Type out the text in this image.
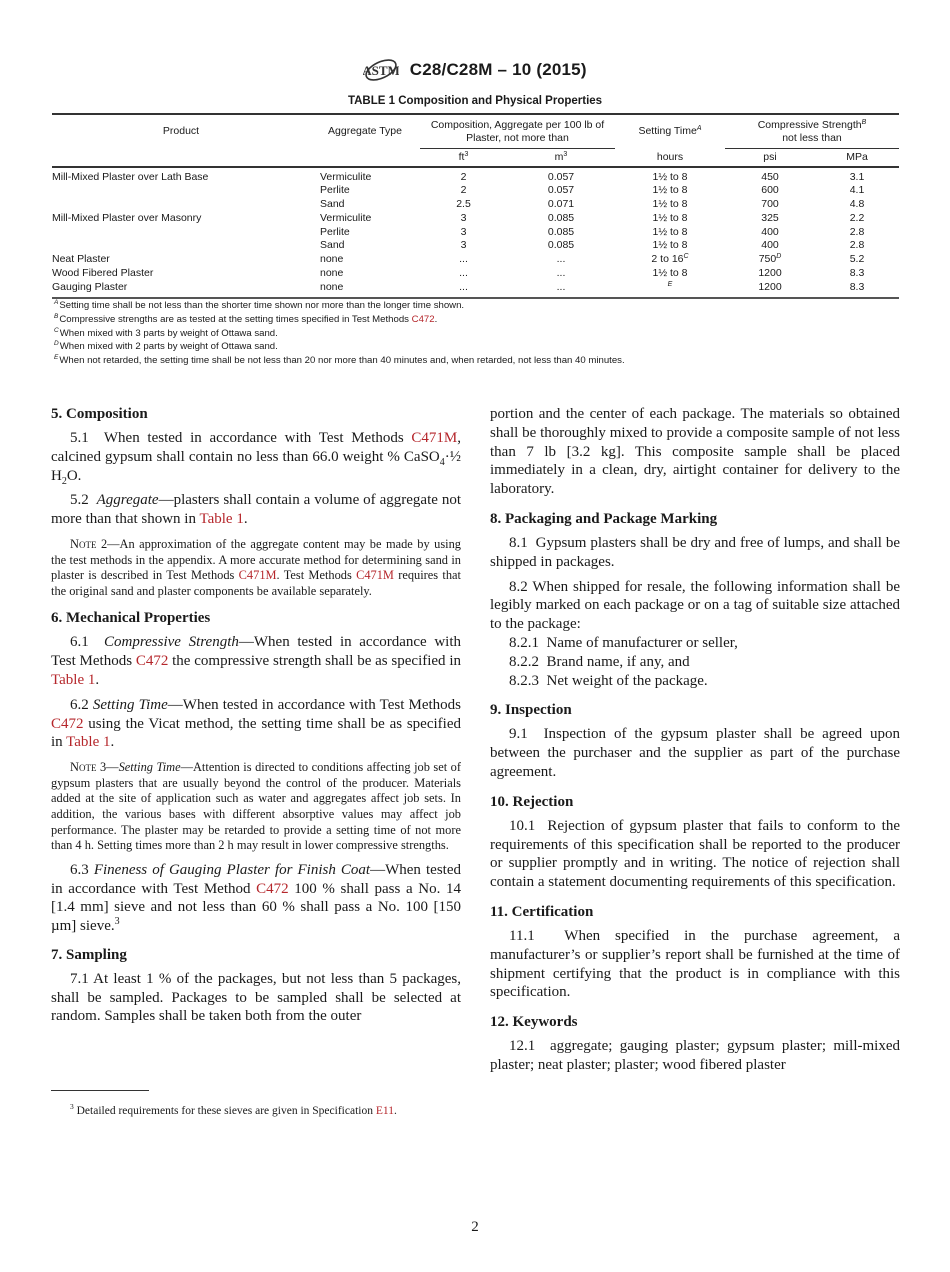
ASTM C28/C28M – 10 (2015)
TABLE 1 Composition and Physical Properties
Product	Aggregate Type	Composition, Aggregate per 100 lb of Plaster, not more than		Setting Time$^A$	Compressive Strength$^B$
not less than	

		$ft^3$	$m^3$	hours	psi	MPa
Mill-Mixed Plaster over Lath Base	Vermiculite	2	0.057	1½ to 8	450	3.1
	Perlite	2	0.057	1½ to 8	600	4.1
	Sand	2.5	0.071	1½ to 8	700	4.8
Mill-Mixed Plaster over Masonry	Vermiculite	3	0.085	1½ to 8	325	2.2
	Perlite	3	0.085	1½ to 8	400	2.8
	Sand	3	0.085	1½ to 8	400	2.8
Neat Plaster	none	...	...	2 to $16^C$	$750^D$	5.2
Wood Fibered Plaster	none	...	...	1½ to 8	1200	8.3
Gauging Plaster	none	...	...	$^E$	1200	8.3
$^A$Setting time shall be not less than the shorter time shown nor more than the longer time shown.
$^B$Compressive strengths are as tested at the setting times specified in Test Methods C472.
$^C$When mixed with 3 parts by weight of Ottawa sand.
$^D$When mixed with 2 parts by weight of Ottawa sand.
$^E$When not retarded, the setting time shall be not less than 20 nor more than 40 minutes and, when retarded, not less than 40 minutes.
5. Composition

5.1 When tested in accordance with Test Methods C471M, calcined gypsum shall contain no less than 66.0 weight % CaSO$_4$·½ $H_2O$.

5.2 Aggregate—plasters shall contain a volume of aggregate not more than that shown in Table 1.

Note 2—An approximation of the aggregate content may be made by using the test methods in the appendix. A more accurate method for determining sand in plaster is described in Test Methods C471M. Test Methods C471M requires that the original sand and plaster components be available separately.

6. Mechanical Properties

6.1 Compressive Strength—When tested in accordance with Test Methods C472 the compressive strength shall be as specified in Table 1.

6.2 Setting Time—When tested in accordance with Test Methods C472 using the Vicat method, the setting time shall be as specified in Table 1.

Note 3—Setting Time—Attention is directed to conditions affecting job set of gypsum plasters that are usually beyond the control of the producer. Materials added at the site of application such as water and aggregates affect job sets. In addition, the various bases with different absorptive values may affect job performance. The plaster may be retarded to provide a setting time of not more than 4 h. Setting times more than 2 h may result in lower compressive strengths.

6.3 Fineness of Gauging Plaster for Finish Coat—When tested in accordance with Test Method C472 100 % shall pass a No. 14 [1.4 mm] sieve and not less than 60 % shall pass a No. 100 [150 µm] sieve.$^3$

7. Sampling

7.1 At least 1 % of the packages, but not less than 5 packages, shall be sampled. Packages to be sampled shall be selected at random. Samples shall be taken both from the outer

$^3$ Detailed requirements for these sieves are given in Specification E11.

portion and the center of each package. The materials so obtained shall be thoroughly mixed to provide a composite sample of not less than 7 lb [3.2 kg]. This composite sample shall be placed immediately in a clean, dry, airtight container for delivery to the laboratory.

8. Packaging and Package Marking

8.1 Gypsum plasters shall be dry and free of lumps, and shall be shipped in packages.

8.2 When shipped for resale, the following information shall be legibly marked on each package or on a tag of suitable size attached to the package:

8.2.1 Name of manufacturer or seller,

8.2.2 Brand name, if any, and

8.2.3 Net weight of the package.

9. Inspection

9.1 Inspection of the gypsum plaster shall be agreed upon between the purchaser and the supplier as part of the purchase agreement.

10. Rejection

10.1 Rejection of gypsum plaster that fails to conform to the requirements of this specification shall be reported to the producer or supplier promptly and in writing. The notice of rejection shall contain a statement documenting requirements of this specification.

11. Certification

11.1 When specified in the purchase agreement, a manufacturer’s or supplier’s report shall be furnished at the time of shipment certifying that the product is in compliance with this specification.

12. Keywords

12.1 aggregate; gauging plaster; gypsum plaster; mill-mixed plaster; neat plaster; plaster; wood fibered plaster

2
